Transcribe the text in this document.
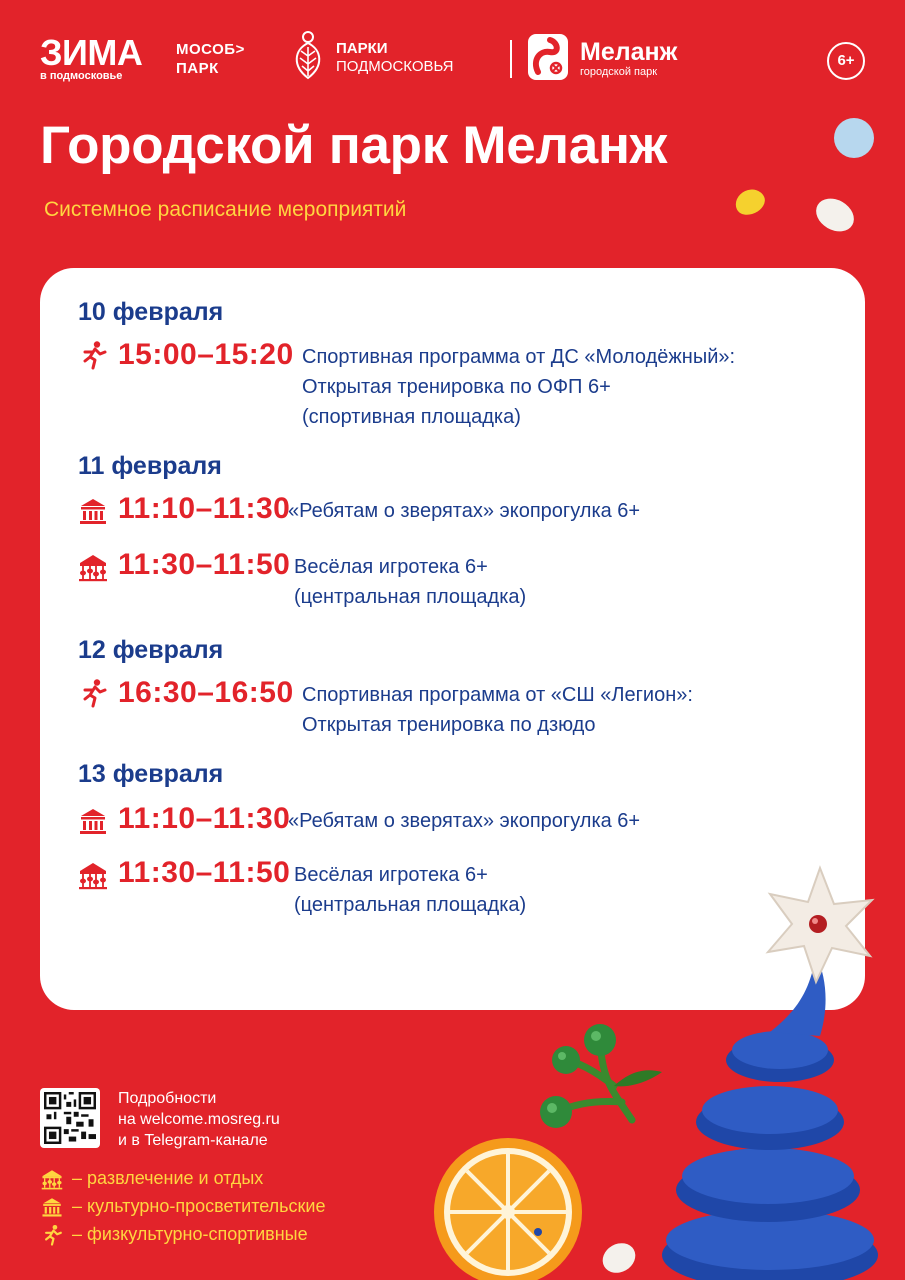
ЗИМА
в подмосковье
МОСОБ>
ПАРК
ПАРКИ
ПОДМОСКОВЬЯ
Меланж
городской парк
6+
Городской парк Меланж
Системное расписание мероприятий
10 февраля
15:00–15:20 Спортивная программа от ДС «Молодёжный»:
Открытая тренировка по ОФП 6+
(спортивная площадка)
11 февраля
11:10–11:30
«Ребятам о зверятах» экопрогулка 6+
11:30–11:50 Весёлая игротека 6+
(центральная площадка)
12 февраля
16:30–16:50 Спортивная программа от «СШ «Легион»:
Открытая тренировка по дзюдо
13 февраля
11:10–11:30
«Ребятам о зверятах» экопрогулка 6+
11:30–11:50 Весёлая игротека 6+
(центральная площадка)
Подробности
на welcome.mosreg.ru
и в Telegram-канале
– развлечение и отдых
– культурно-просветительские
– физкультурно-спортивные
